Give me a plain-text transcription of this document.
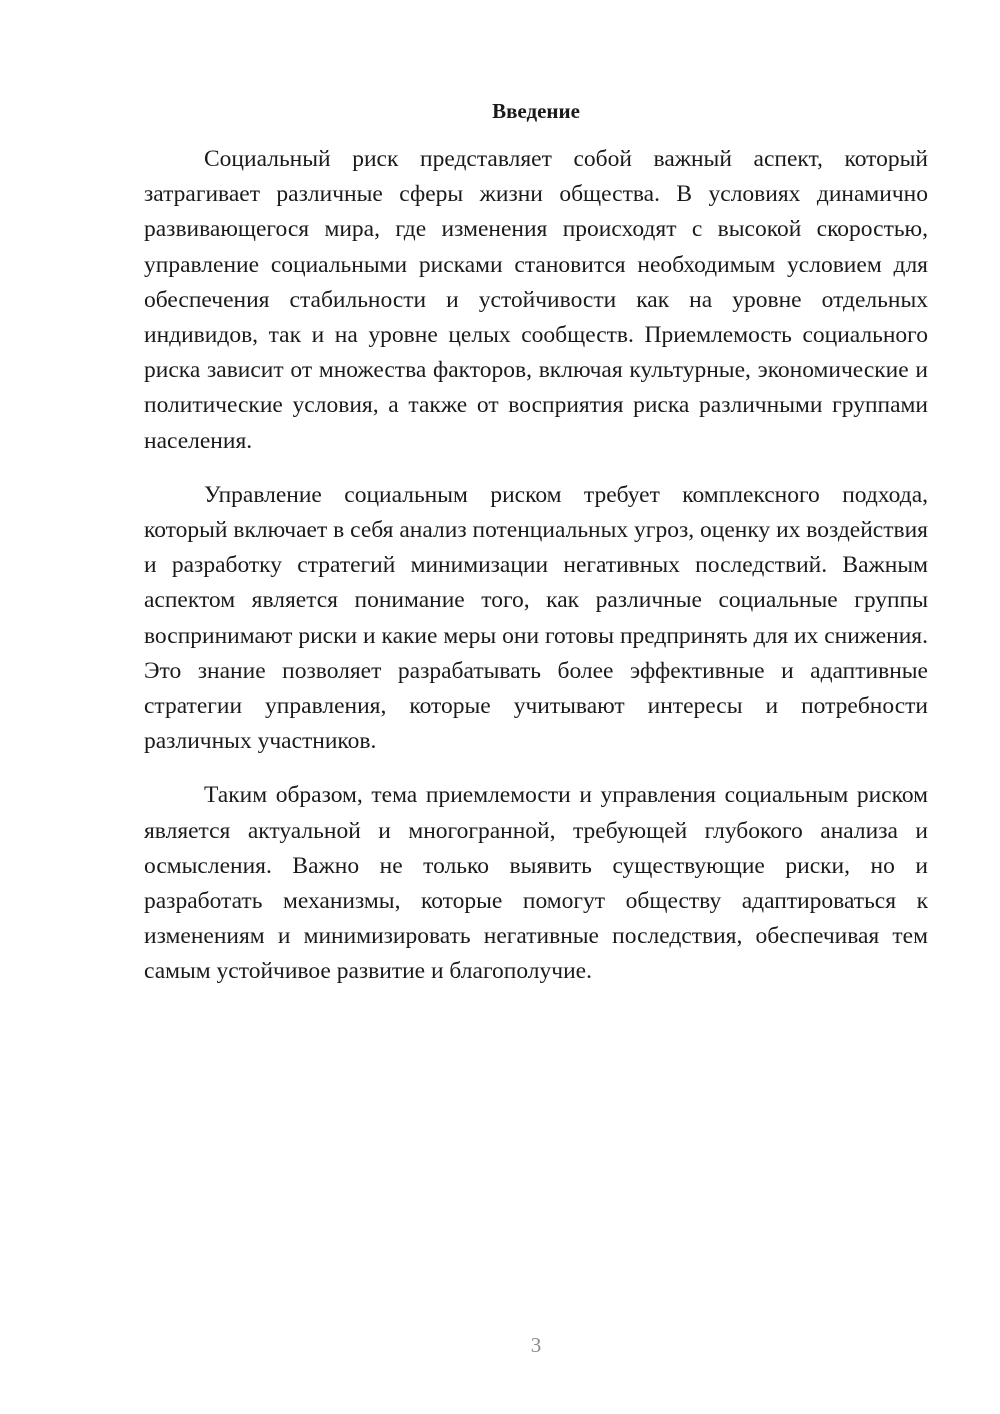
Введение

Социальный риск представляет собой важный аспект, который затрагивает различные сферы жизни общества. В условиях динамично развивающегося мира, где изменения происходят с высокой скоростью, управление социальными рисками становится необходимым условием для обеспечения стабильности и устойчивости как на уровне отдельных индивидов, так и на уровне целых сообществ. Приемлемость социального риска зависит от множества факторов, включая культурные, экономические и политические условия, а также от восприятия риска различными группами населения.

Управление социальным риском требует комплексного подхода, который включает в себя анализ потенциальных угроз, оценку их воздействия и разработку стратегий минимизации негативных последствий. Важным аспектом является понимание того, как различные социальные группы воспринимают риски и какие меры они готовы предпринять для их снижения. Это знание позволяет разрабатывать более эффективные и адаптивные стратегии управления, которые учитывают интересы и потребности различных участников.

Таким образом, тема приемлемости и управления социальным риском является актуальной и многогранной, требующей глубокого анализа и осмысления. Важно не только выявить существующие риски, но и разработать механизмы, которые помогут обществу адаптироваться к изменениям и минимизировать негативные последствия, обеспечивая тем самым устойчивое развитие и благополучие.

3
